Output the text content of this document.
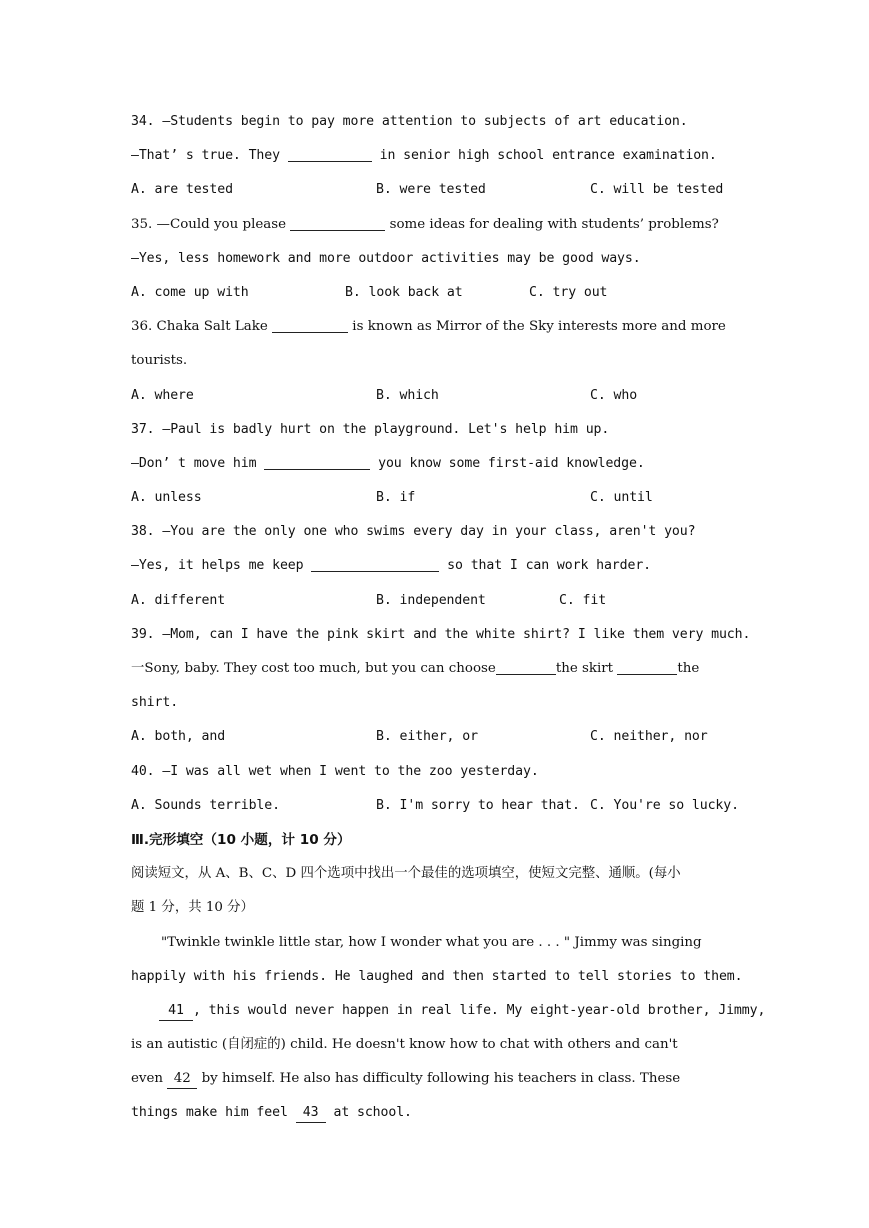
34. —Students begin to pay more attention to subjects of art education.
—That’ s true. They	in senior high school entrance examination.
A. are tested	B. were tested	C. will be tested
35. —Could you please	some ideas for dealing with students’ problems?
—Yes, less homework and more outdoor activities may be good ways.
A. come up with	B. look back at	C. try out
36. Chaka Salt Lake	is known as Mirror of the Sky interests more and more
tourists.
A. where	B. which	C. who
37. —Paul is badly hurt on the playground. Let's help him up.
—Don’ t move him	you know some first-aid knowledge.
A. unless	B. if	C. until
38. —You are the only one who swims every day in your class, aren't you?
—Yes, it helps me keep	so that I can work harder.
A. different	B. independent	C. fit
39. —Mom, can I have the pink skirt and the white shirt? I like them very much.
一Sony, baby. They cost too much, but you can choose	the skirt	the
shirt.
A. both, and	B. either, or	C. neither, nor
40. —I was all wet when I went to the zoo yesterday.
A. Sounds terrible.	B. I'm sorry to hear that. C. You're so lucky.
Ⅲ.完形填空（10 小题，计 10 分）
阅读短文，从 A、B、C、D 四个选项中找出一个最佳的选项填空，使短文完整、通顺。(每小
题 1 分，共 10 分）
"Twinkle twinkle little star, how I wonder what you are . . . " Jimmy was singing
happily with his friends. He laughed and then started to tell stories to them.
41 , this would never happen in real life. My eight-year-old brother, Jimmy,
is an autistic (自闭症的) child. He doesn't know how to chat with others and can't
even 42 by himself. He also has difficulty following his teachers in class. These
things make him feel 43 at school.
